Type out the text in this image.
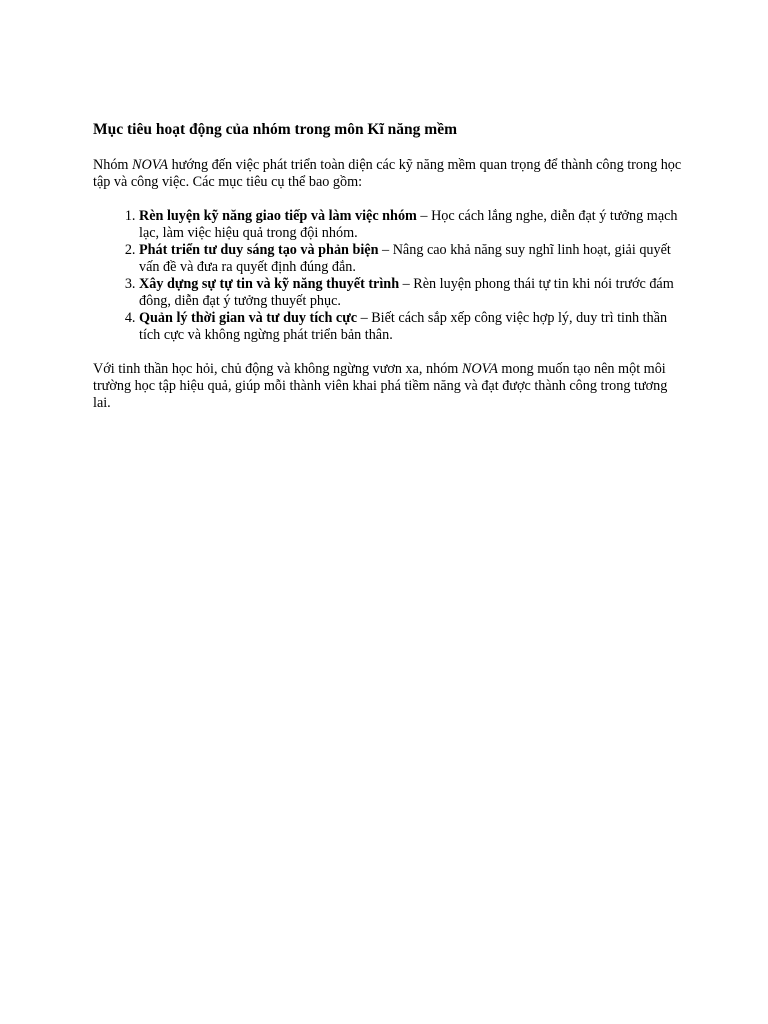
Mục tiêu hoạt động của nhóm trong môn Kĩ năng mềm

Nhóm NOVA hướng đến việc phát triển toàn diện các kỹ năng mềm quan trọng để thành công trong học tập và công việc. Các mục tiêu cụ thể bao gồm:

1. Rèn luyện kỹ năng giao tiếp và làm việc nhóm – Học cách lắng nghe, diễn đạt ý tưởng mạch lạc, làm việc hiệu quả trong đội nhóm.
2. Phát triển tư duy sáng tạo và phản biện – Nâng cao khả năng suy nghĩ linh hoạt, giải quyết vấn đề và đưa ra quyết định đúng đắn.
3. Xây dựng sự tự tin và kỹ năng thuyết trình – Rèn luyện phong thái tự tin khi nói trước đám đông, diễn đạt ý tưởng thuyết phục.
4. Quản lý thời gian và tư duy tích cực – Biết cách sắp xếp công việc hợp lý, duy trì tinh thần tích cực và không ngừng phát triển bản thân.

Với tinh thần học hỏi, chủ động và không ngừng vươn xa, nhóm NOVA mong muốn tạo nên một môi trường học tập hiệu quả, giúp mỗi thành viên khai phá tiềm năng và đạt được thành công trong tương lai.
